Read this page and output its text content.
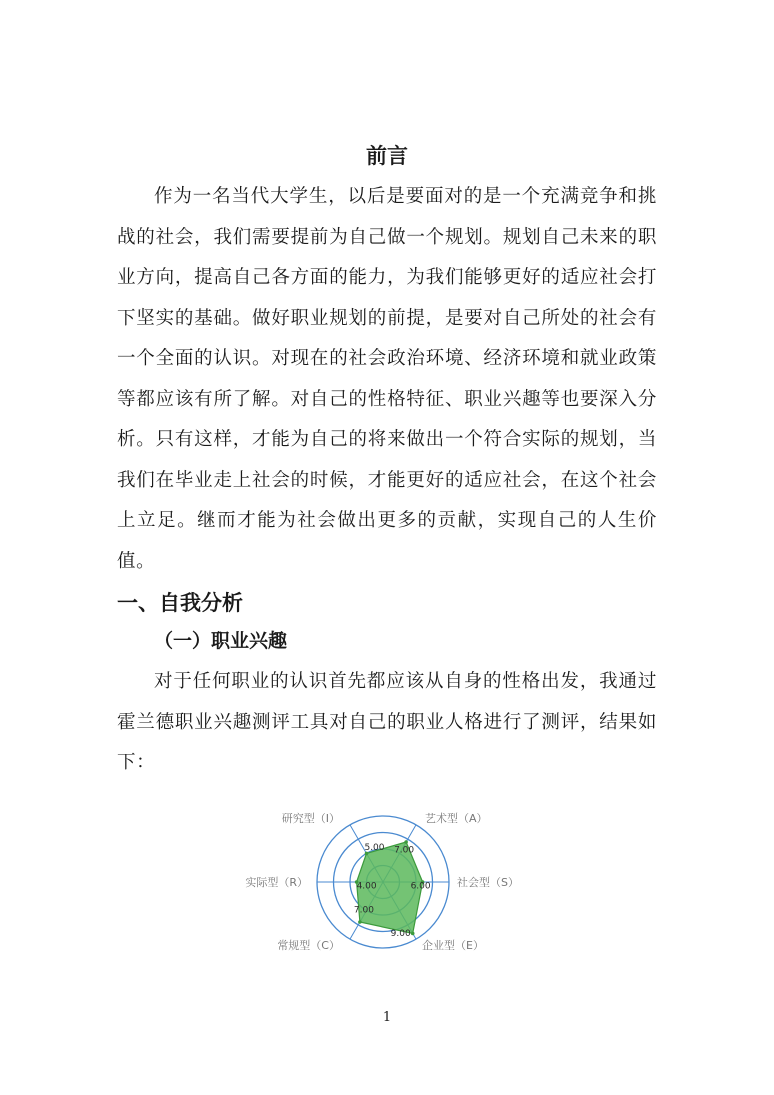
前言

作为一名当代大学生，以后是要面对的是一个充满竞争和挑战的社会，我们需要提前为自己做一个规划。规划自己未来的职业方向，提高自己各方面的能力，为我们能够更好的适应社会打下坚实的基础。做好职业规划的前提，是要对自己所处的社会有一个全面的认识。对现在的社会政治环境、经济环境和就业政策等都应该有所了解。对自己的性格特征、职业兴趣等也要深入分析。只有这样，才能为自己的将来做出一个符合实际的规划，当我们在毕业走上社会的时候，才能更好的适应社会，在这个社会上立足。继而才能为社会做出更多的贡献，实现自己的人生价值。

一、自我分析
（一）职业兴趣

对于任何职业的认识首先都应该从自身的性格出发，我通过霍兰德职业兴趣测评工具对自己的职业人格进行了测评，结果如下：

5.00 7.00
6.00
9.00
7.00
4.00
研究型（I）	艺术型（A）
社会型（S）
企业型（E）
常规型（C）
实际型（R）
1
